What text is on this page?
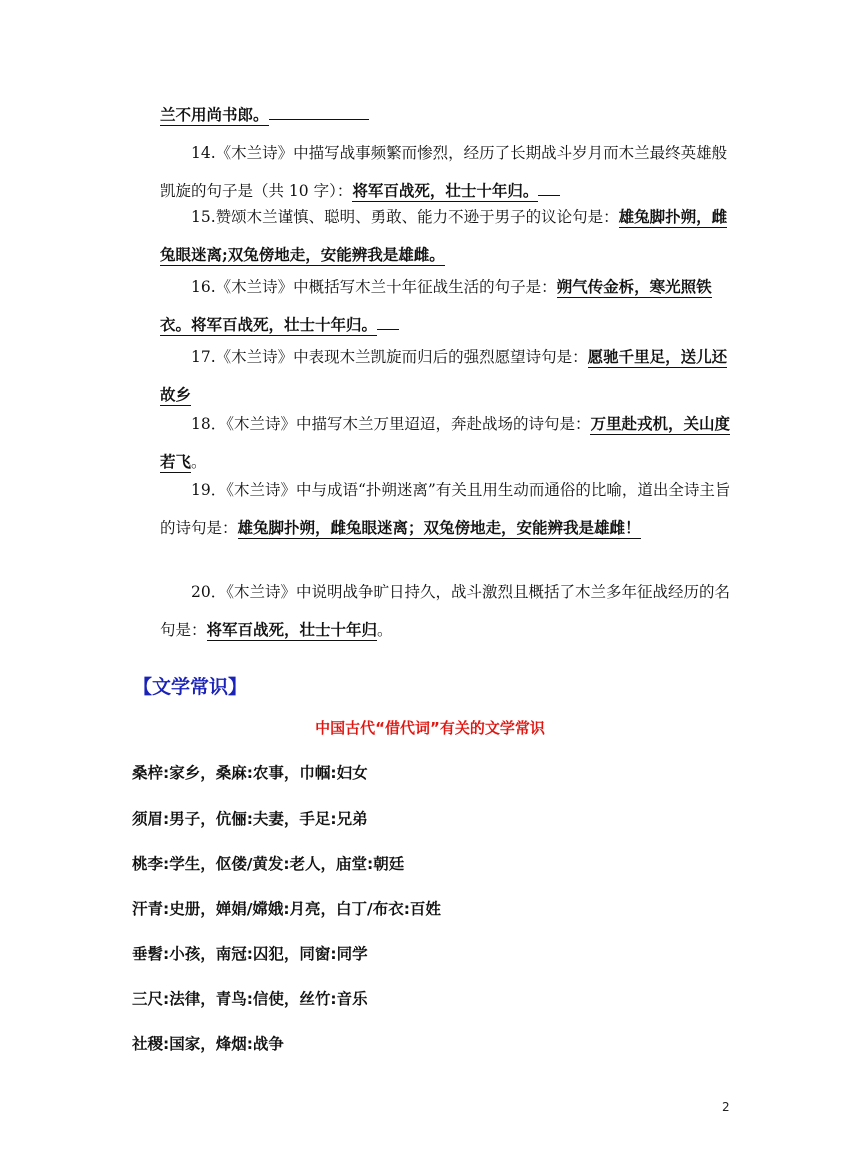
兰不用尚书郎。
14.《木兰诗》中描写战事频繁而惨烈，经历了长期战斗岁月而木兰最终英雄般凯旋的句子是（共 10 字）：将军百战死，壮士十年归。
15.赞颂木兰谨慎、聪明、勇敢、能力不逊于男子的议论句是：雄兔脚扑朔，雌兔眼迷离;双兔傍地走，安能辨我是雄雌。
16.《木兰诗》中概括写木兰十年征战生活的句子是：朔气传金柝，寒光照铁衣。将军百战死，壮士十年归。
17.《木兰诗》中表现木兰凯旋而归后的强烈愿望诗句是：愿驰千里足，送儿还故乡
18．《木兰诗》中描写木兰万里迢迢，奔赴战场的诗句是：万里赴戎机，关山度若飞。
19．《木兰诗》中与成语“扑朔迷离”有关且用生动而通俗的比喻，道出全诗主旨的诗句是：雄兔脚扑朔，雌兔眼迷离；双兔傍地走，安能辨我是雄雌！
20．《木兰诗》中说明战争旷日持久，战斗激烈且概括了木兰多年征战经历的名句是：将军百战死，壮士十年归。
【文学常识】
中国古代“借代词”有关的文学常识
桑梓:家乡，桑麻:农事，巾帼:妇女
须眉:男子，伉俪:夫妻，手足:兄弟
桃李:学生，伛偻/黄发:老人，庙堂:朝廷
汗青:史册，婵娟/嫦娥:月亮，白丁/布衣:百姓
垂髫:小孩，南冠:囚犯，同窗:同学
三尺:法律，青鸟:信使，丝竹:音乐
社稷:国家，烽烟:战争
2
